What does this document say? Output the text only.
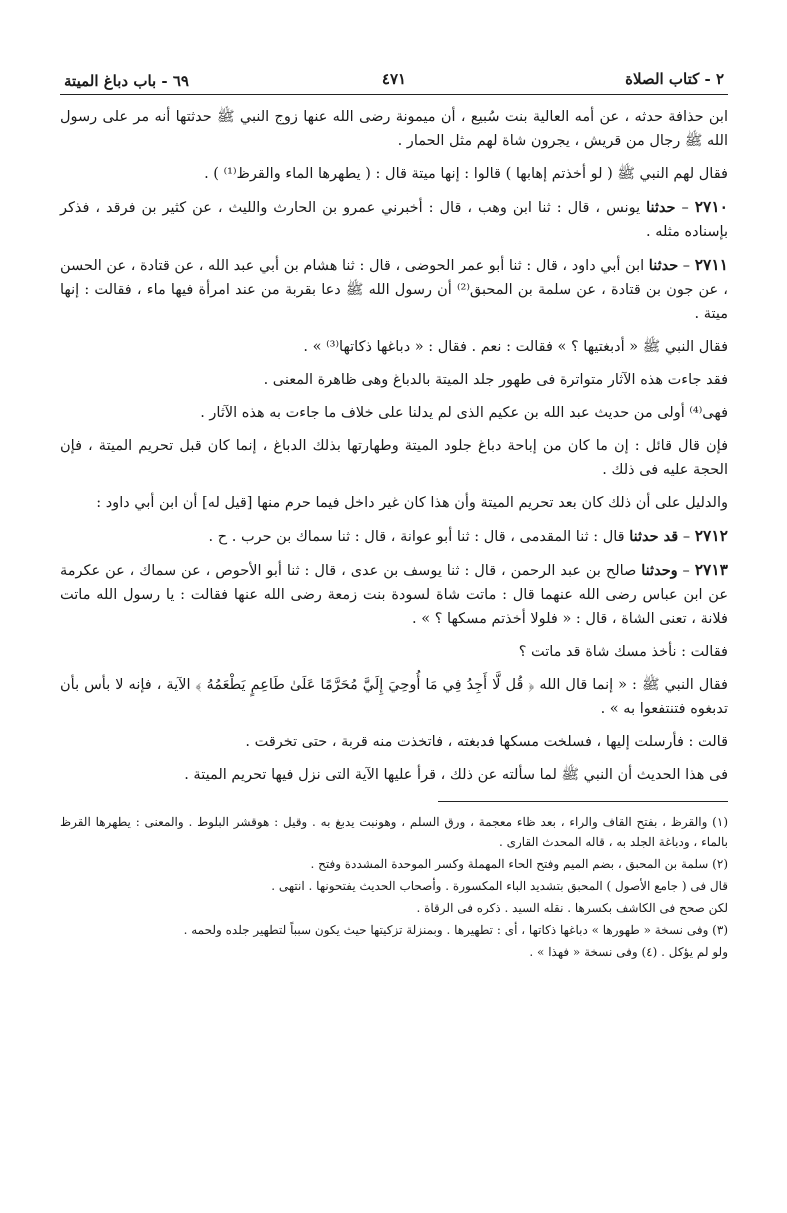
٢ - كتاب الصلاة
٤٧١
٦٩ - باب دباغ الميتة

ابن حذافة حدثه ، عن أمه العالية بنت سُبيع ، أن ميمونة رضى الله عنها زوج النبي ﷺ حدثتها أنه مر على رسول الله ﷺ رجال من قريش ، يجرون شاة لهم مثل الحمار .

فقال لهم النبي ﷺ ( لو أخذتم إهابها ) قالوا : إنها ميتة قال : ( يطهرها الماء والقرظ⁽¹⁾ ) .

٢٧١٠ – حدثنا يونس ، قال : ثنا ابن وهب ، قال : أخبرني عمرو بن الحارث والليث ، عن كثير بن فرقد ، فذكر بإسناده مثله .

٢٧١١ – حدثنا ابن أبي داود ، قال : ثنا أبو عمر الحوضى ، قال : ثنا هشام بن أبي عبد الله ، عن قتادة ، عن الحسن ، عن جون بن قتادة ، عن سلمة بن المحبق⁽²⁾ أن رسول الله ﷺ دعا بقربة من عند امرأة فيها ماء ، فقالت : إنها ميتة .

فقال النبي ﷺ « أدبغتيها ؟ » فقالت : نعم . فقال : « دباغها ذكاتها⁽³⁾ » .

فقد جاءت هذه الآثار متواترة فى طهور جلد الميتة بالدباغ وهى ظاهرة المعنى .

فهى⁽⁴⁾ أولى من حديث عبد الله بن عكيم الذى لم يدلنا على خلاف ما جاءت به هذه الآثار .

فإن قال قائل : إن ما كان من إباحة دباغ جلود الميتة وطهارتها بذلك الدباغ ، إنما كان قبل تحريم الميتة ، فإن الحجة عليه فى ذلك .

والدليل على أن ذلك كان بعد تحريم الميتة وأن هذا كان غير داخل فيما حرم منها [قيل له] أن ابن أبي داود :

٢٧١٢ – قد حدثنا قال : ثنا المقدمى ، قال : ثنا أبو عوانة ، قال : ثنا سماك بن حرب . ح .

٢٧١٣ – وحدثنا صالح بن عبد الرحمن ، قال : ثنا يوسف بن عدى ، قال : ثنا أبو الأحوص ، عن سماك ، عن عكرمة عن ابن عباس رضى الله عنهما قال : ماتت شاة لسودة بنت زمعة رضى الله عنها فقالت : يا رسول الله ماتت فلانة ، تعنى الشاة ، قال : « فلولا أخذتم مسكها ؟ » .

فقالت : نأخذ مسك شاة قد ماتت ؟

فقال النبي ﷺ : « إنما قال الله ﴿ قُل لَّا أَجِدُ فِي مَا أُوحِيَ إِلَيَّ مُحَرَّمًا عَلَىٰ طَاعِمٍ يَطْعَمُهُ ﴾ الآية ، فإنه لا بأس بأن تدبغوه فتنتفعوا به » .

قالت : فأرسلت إليها ، فسلخت مسكها فدبغته ، فاتخذت منه قربة ، حتى تخرقت .

فى هذا الحديث أن النبي ﷺ لما سألته عن ذلك ، قرأ عليها الآية التى نزل فيها تحريم الميتة .

(١) والقرظ ، بفتح القاف والراء ، بعد ظاء معجمة ، ورق السلم ، وهونبت يدبغ به . وقيل : هوقشر البلوط . والمعنى : يطهرها القرظ بالماء ، ودباغة الجلد به ، قاله المحدث القارى .

(٢) سلمة بن المحبق ، بضم الميم وفتح الحاء المهملة وكسر الموحدة المشددة وفتح .

قال فى ( جامع الأصول ) المحبق بتشديد الباء المكسورة . وأصحاب الحديث يفتحونها . انتهى .

لكن صحح فى الكاشف بكسرها . نقله السيد . ذكره فى الرقاة .

(٣) وفى نسخة « طهورها » دباغها ذكاتها ، أى : تطهيرها . وبمنزلة تزكيتها حيث يكون سبباً لتطهير جلده ولحمه .

ولو لم يؤكل . (٤) وفى نسخة « فهذا » .
